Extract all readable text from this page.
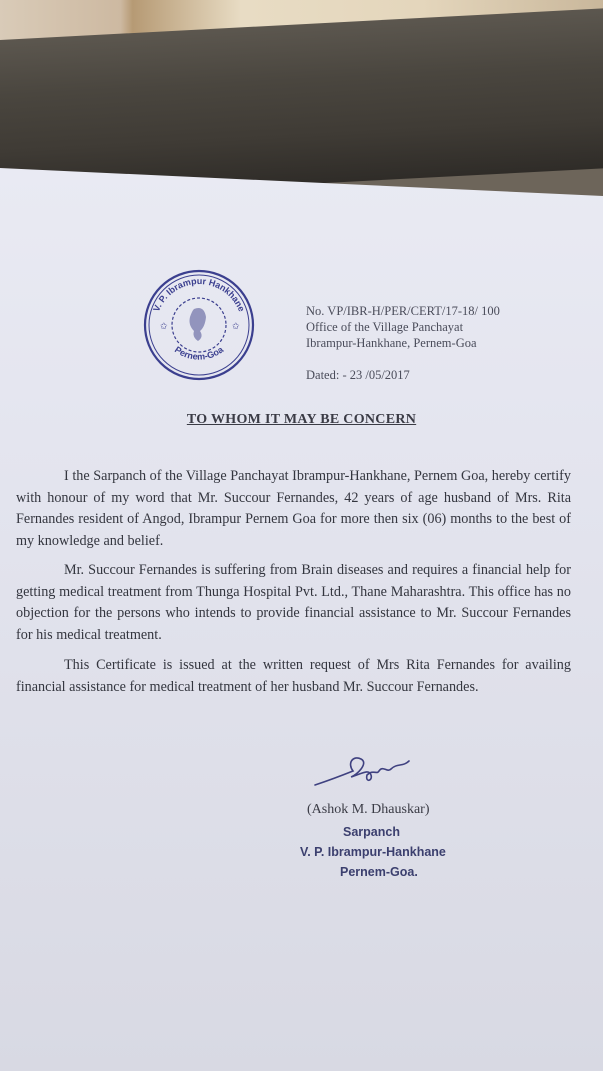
V. P. Ibrampur Hankhane
Pernem-Goa
✩	✩
No. VP/IBR-H/PER/CERT/17-18/ 100
Office of the Village Panchayat
Ibrampur-Hankhane, Pernem-Goa
Dated: - 23 /05/2017
TO WHOM IT MAY BE CONCERN
I the Sarpanch of the Village Panchayat Ibrampur-Hankhane, Pernem Goa, hereby certify with honour of my word that Mr. Succour Fernandes, 42 years of age husband of Mrs. Rita Fernandes resident of Angod, Ibrampur Pernem Goa for more then six (06) months to the best of my knowledge and belief.
Mr. Succour Fernandes is suffering from Brain diseases and requires a financial help for getting medical treatment from Thunga Hospital Pvt. Ltd., Thane Maharashtra. This office has no objection for the persons who intends to provide financial assistance to Mr. Succour Fernandes for his medical treatment.
This Certificate is issued at the written request of Mrs Rita Fernandes for availing financial assistance for medical treatment of her husband Mr. Succour Fernandes.
(Ashok M. Dhauskar)
Sarpanch
V. P. Ibrampur-Hankhane
Pernem-Goa.
